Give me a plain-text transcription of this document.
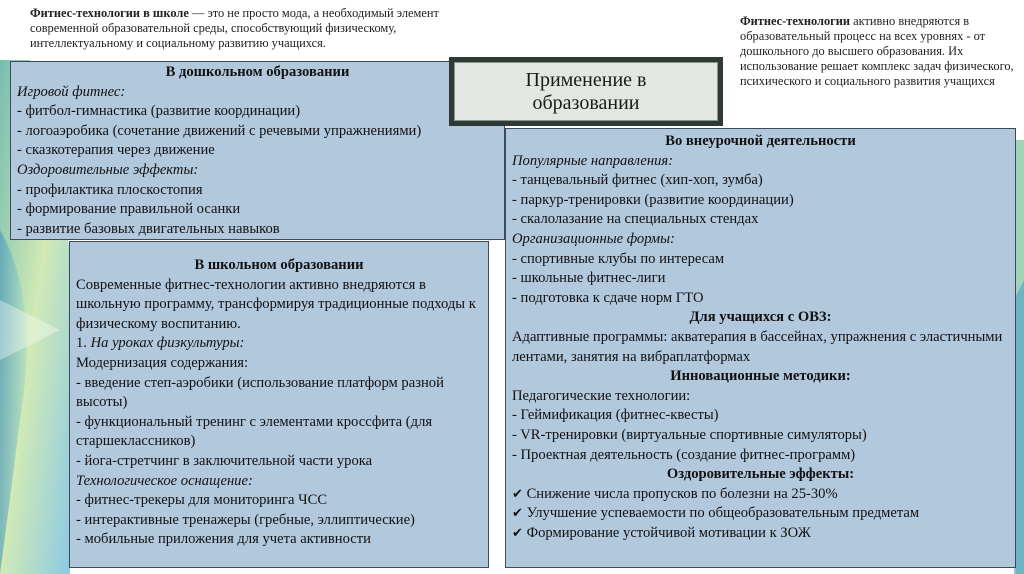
Фитнес-технологии в школе — это не просто мода, а необходимый элемент современной образовательной среды, способствующий физическому, интеллектуальному и социальному развитию учащихся.
Фитнес-технологии активно внедряются в образовательный процесс на всех уровнях - от дошкольного до высшего образования. Их использование решает комплекс задач физического, психического и социального развития учащихся
В дошкольном образовании
Игровой фитнес:
- фитбол-гимнастика (развитие координации)
- логоаэробика (сочетание движений с речевыми упражнениями)
- сказкотерапия через движение
Оздоровительные эффекты:
- профилактика плоскостопия
- формирование правильной осанки
- развитие базовых двигательных навыков
Во внеурочной деятельности
Популярные направления:
- танцевальный фитнес (хип-хоп, зумба)
- паркур-тренировки (развитие координации)
- скалолазание на специальных стендах
Организационные формы:
- спортивные клубы по интересам
- школьные фитнес-лиги
- подготовка к сдаче норм ГТО
Для учащихся с ОВЗ:
Адаптивные программы: акватерапия в бассейнах, упражнения с эластичными лентами, занятия на вибраплатформах
Инновационные методики:
Педагогические технологии:
- Геймификация (фитнес-квесты)
- VR-тренировки (виртуальные спортивные симуляторы)
- Проектная деятельность (создание фитнес-программ)
Оздоровительные эффекты:
✔ Снижение числа пропусков по болезни на 25-30%
✔ Улучшение успеваемости по общеобразовательным предметам
✔ Формирование устойчивой мотивации к ЗОЖ
В школьном образовании
Современные фитнес-технологии активно внедряются в школьную программу, трансформируя традиционные подходы к физическому воспитанию.
1. На уроках физкультуры:
Модернизация содержания:
- введение степ-аэробики (использование платформ разной высоты)
- функциональный тренинг с элементами кроссфита (для старшеклассников)
- йога-стретчинг в заключительной части урока
Технологическое оснащение:
- фитнес-трекеры для мониторинга ЧСС
- интерактивные тренажеры (гребные, эллиптические)
- мобильные приложения для учета активности
Применение в
образовании
